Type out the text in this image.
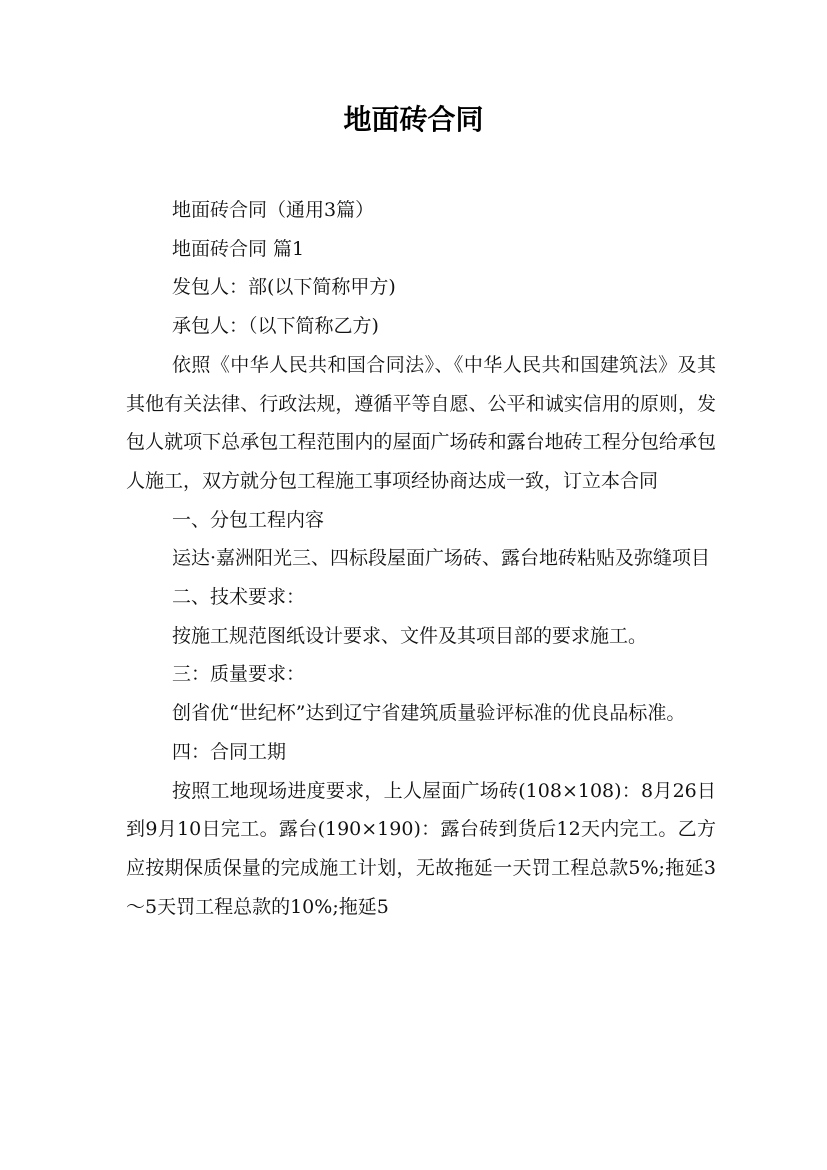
地面砖合同

地面砖合同（通用3篇）

地面砖合同 篇1

发包人：部(以下简称甲方)

承包人：（以下简称乙方)

依照《中华人民共和国合同法》、《中华人民共和国建筑法》及其其他有关法律、行政法规，遵循平等自愿、公平和诚实信用的原则，发包人就项下总承包工程范围内的屋面广场砖和露台地砖工程分包给承包人施工，双方就分包工程施工事项经协商达成一致，订立本合同

一、分包工程内容

运达·嘉洲阳光三、四标段屋面广场砖、露台地砖粘贴及弥缝项目

二、技术要求：

按施工规范图纸设计要求、文件及其项目部的要求施工。

三：质量要求：

创省优“世纪杯”达到辽宁省建筑质量验评标准的优良品标准。

四：合同工期

按照工地现场进度要求，上人屋面广场砖(108×108)：8月26日到9月10日完工。露台(190×190)：露台砖到货后12天内完工。乙方应按期保质保量的完成施工计划，无故拖延一天罚工程总款5%;拖延3～5天罚工程总款的10%;拖延5
